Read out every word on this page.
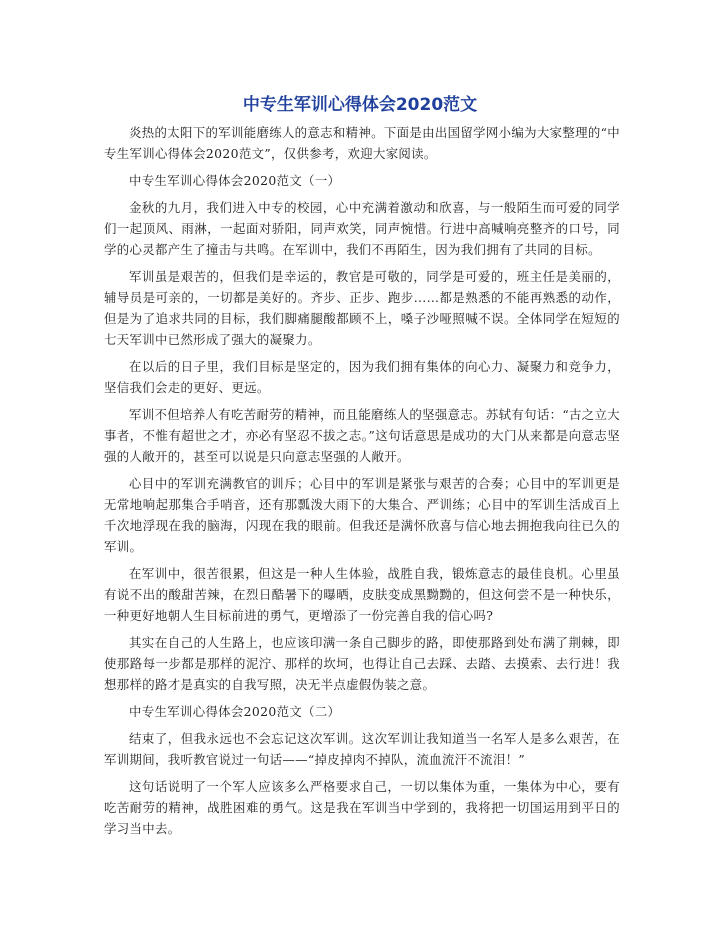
中专生军训心得体会2020范文

炎热的太阳下的军训能磨练人的意志和精神。下面是由出国留学网小编为大家整理的“中专生军训心得体会2020范文”，仅供参考，欢迎大家阅读。

中专生军训心得体会2020范文（一）

金秋的九月，我们进入中专的校园，心中充满着激动和欣喜，与一般陌生而可爱的同学们一起顶风、雨淋，一起面对骄阳，同声欢笑，同声惋惜。行进中高喊响亮整齐的口号，同学的心灵都产生了撞击与共鸣。在军训中，我们不再陌生，因为我们拥有了共同的目标。

军训虽是艰苦的，但我们是幸运的，教官是可敬的，同学是可爱的，班主任是美丽的，辅导员是可亲的，一切都是美好的。齐步、正步、跑步...…都是熟悉的不能再熟悉的动作，但是为了追求共同的目标，我们脚痛腿酸都顾不上，嗓子沙哑照喊不误。全体同学在短短的七天军训中已然形成了强大的凝聚力。

在以后的日子里，我们目标是坚定的，因为我们拥有集体的向心力、凝聚力和竞争力，坚信我们会走的更好、更远。

军训不但培养人有吃苦耐劳的精神，而且能磨练人的坚强意志。苏轼有句话：“古之立大事者，不惟有超世之才，亦必有坚忍不拔之志。”这句话意思是成功的大门从来都是向意志坚强的人敞开的，甚至可以说是只向意志坚强的人敞开。

心目中的军训充满教官的训斥；心目中的军训是紧张与艰苦的合奏；心目中的军训更是无常地响起那集合手哨音，还有那瓢泼大雨下的大集合、严训练；心目中的军训生活成百上千次地浮现在我的脑海，闪现在我的眼前。但我还是满怀欣喜与信心地去拥抱我向往已久的军训。

在军训中，很苦很累，但这是一种人生体验，战胜自我，锻炼意志的最佳良机。心里虽有说不出的酸甜苦辣，在烈日酷暑下的曝晒，皮肤变成黑黝黝的，但这何尝不是一种快乐，一种更好地朝人生目标前进的勇气，更增添了一份完善自我的信心吗?

其实在自己的人生路上，也应该印满一条自己脚步的路，即使那路到处布满了荆棘，即使那路每一步都是那样的泥泞、那样的坎坷，也得让自己去踩、去踏、去摸索、去行进！我想那样的路才是真实的自我写照，决无半点虚假伪装之意。

中专生军训心得体会2020范文（二）

结束了，但我永远也不会忘记这次军训。这次军训让我知道当一名军人是多么艰苦，在军训期间，我听教官说过一句话——“掉皮掉肉不掉队，流血流汗不流泪！”

这句话说明了一个军人应该多么严格要求自己，一切以集体为重，一集体为中心，要有吃苦耐劳的精神，战胜困难的勇气。这是我在军训当中学到的，我将把一切国运用到平日的学习当中去。
